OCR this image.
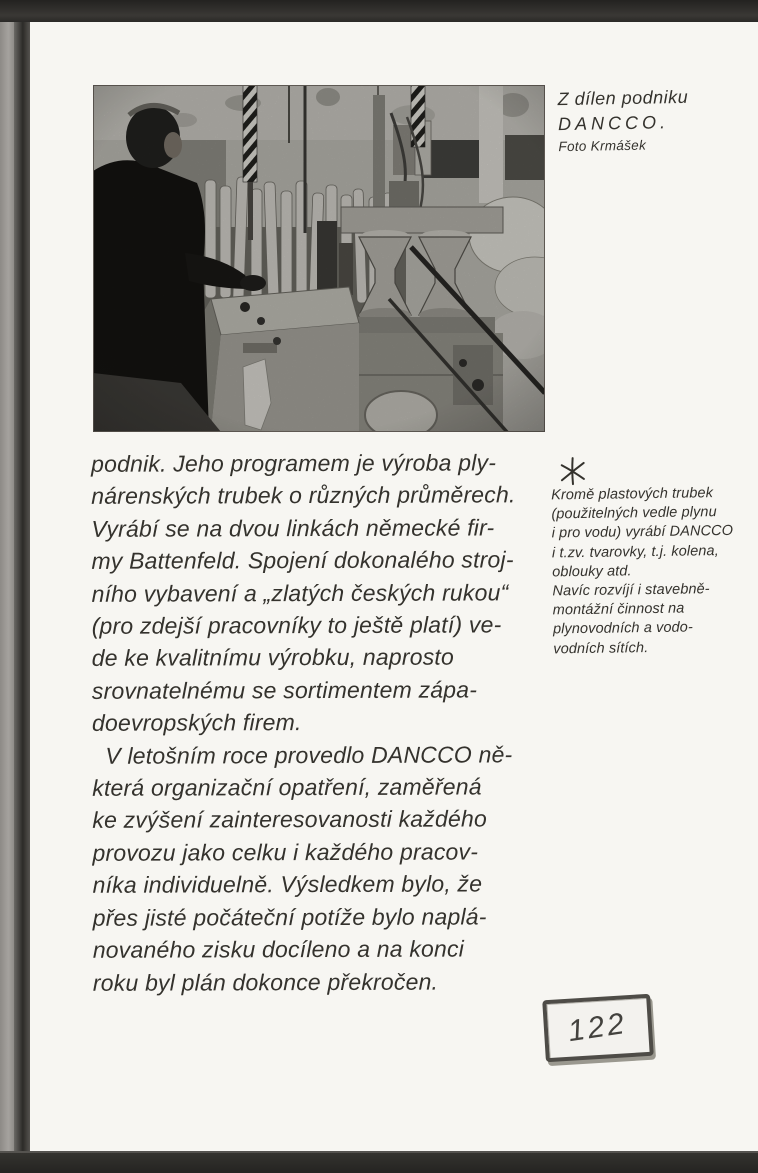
Z dílen podniku
DANCCO.
Foto Krmášek
podnik. Jeho programem je výroba ply-
nárenských trubek o různých průměrech.
Vyrábí se na dvou linkách německé fir-
my Battenfeld. Spojení dokonalého stroj-
ního vybavení a „zlatých českých rukou“
(pro zdejší pracovníky to ještě platí) ve-
de ke kvalitnímu výrobku, naprosto
srovnatelnému se sortimentem zápa-
doevropských firem.
V letošním roce provedlo DANCCO ně-
která organizační opatření, zaměřená
ke zvýšení zainteresovanosti každého
provozu jako celku i každého pracov-
níka individuelně. Výsledkem bylo, že
přes jisté počáteční potíže bylo naplá-
novaného zisku docíleno a na konci
roku byl plán dokonce překročen.
Kromě plastových trubek
(použitelných vedle plynu
i pro vodu) vyrábí DANCCO
i t.zv. tvarovky, t.j. kolena,
oblouky atd.
Navíc rozvíjí i stavebně-
montážní činnost na
plynovodních a vodo-
vodních sítích.
122
